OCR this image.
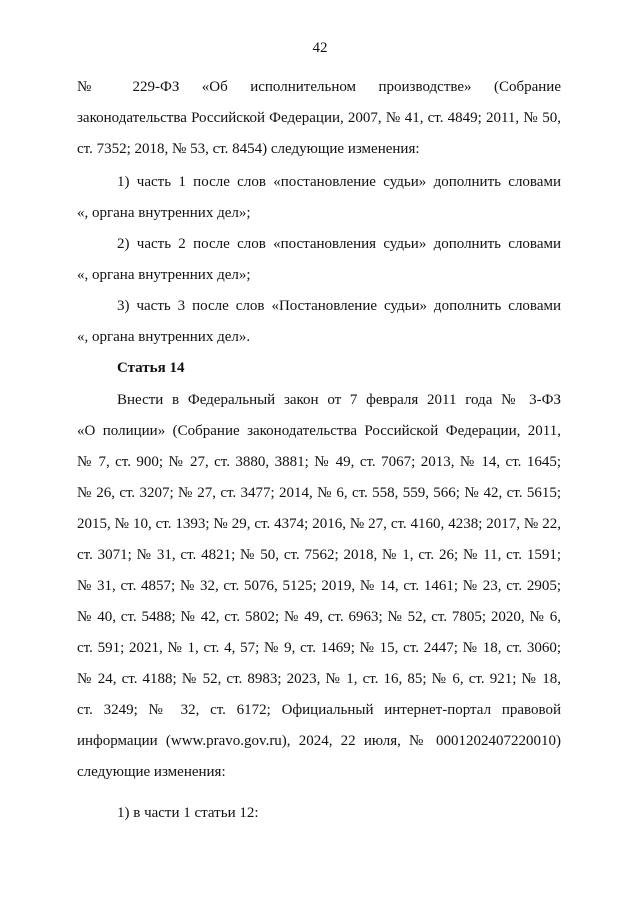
42
№ 229-ФЗ «Об исполнительном производстве» (Собрание
законодательства Российской Федерации, 2007, № 41, ст. 4849; 2011, № 50,
ст. 7352; 2018, № 53, ст. 8454) следующие изменения:
1) часть 1 после слов «постановление судьи» дополнить словами
«, органа внутренних дел»;
2) часть 2 после слов «постановления судьи» дополнить словами
«, органа внутренних дел»;
3) часть 3 после слов «Постановление судьи» дополнить словами
«, органа внутренних дел».
Статья 14
Внести в Федеральный закон от 7 февраля 2011 года № 3-ФЗ
«О полиции» (Собрание законодательства Российской Федерации, 2011,
№ 7, ст. 900; № 27, ст. 3880, 3881; № 49, ст. 7067; 2013, № 14, ст. 1645;
№ 26, ст. 3207; № 27, ст. 3477; 2014, № 6, ст. 558, 559, 566; № 42, ст. 5615;
2015, № 10, ст. 1393; № 29, ст. 4374; 2016, № 27, ст. 4160, 4238; 2017, № 22,
ст. 3071; № 31, ст. 4821; № 50, ст. 7562; 2018, № 1, ст. 26; № 11, ст. 1591;
№ 31, ст. 4857; № 32, ст. 5076, 5125; 2019, № 14, ст. 1461; № 23, ст. 2905;
№ 40, ст. 5488; № 42, ст. 5802; № 49, ст. 6963; № 52, ст. 7805; 2020, № 6,
ст. 591; 2021, № 1, ст. 4, 57; № 9, ст. 1469; № 15, ст. 2447; № 18, ст. 3060;
№ 24, ст. 4188; № 52, ст. 8983; 2023, № 1, ст. 16, 85; № 6, ст. 921; № 18,
ст. 3249; № 32, ст. 6172; Официальный интернет-портал правовой
информации (www.pravo.gov.ru), 2024, 22 июля, № 0001202407220010)
следующие изменения:
1) в части 1 статьи 12:
